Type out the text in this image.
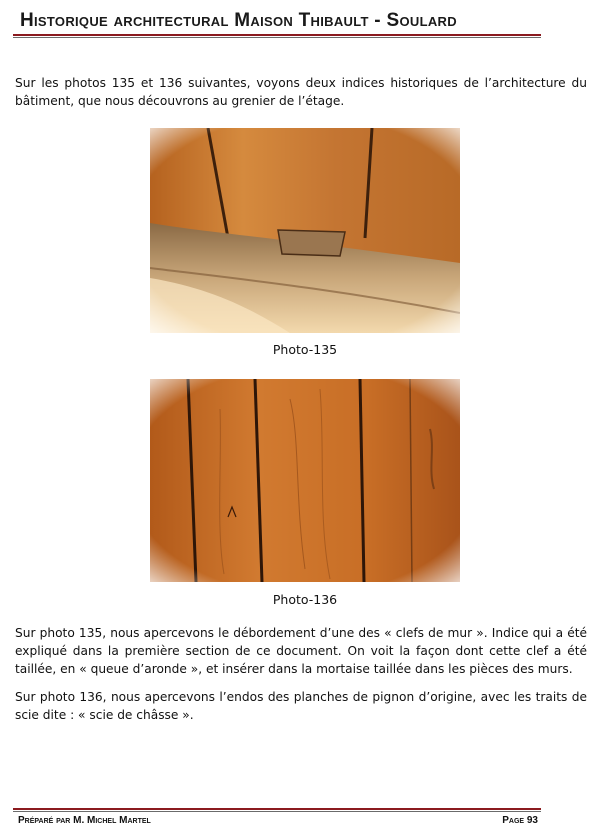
Historique architectural Maison Thibault - Soulard
Sur les photos 135 et 136 suivantes, voyons deux indices historiques de l’architecture du bâtiment, que nous découvrons au grenier de l’étage.
Photo-135
Photo-136
Sur photo 135, nous apercevons le débordement d’une des « clefs de mur ». Indice qui a été expliqué dans la première section de ce document. On voit la façon dont cette clef a été taillée, en « queue d’aronde », et insérer dans la mortaise taillée dans les pièces des murs.
Sur photo 136, nous apercevons l’endos des planches de pignon d’origine, avec les traits de scie dite : « scie de châsse ».
Préparé par M. Michel Martel	Page 93
